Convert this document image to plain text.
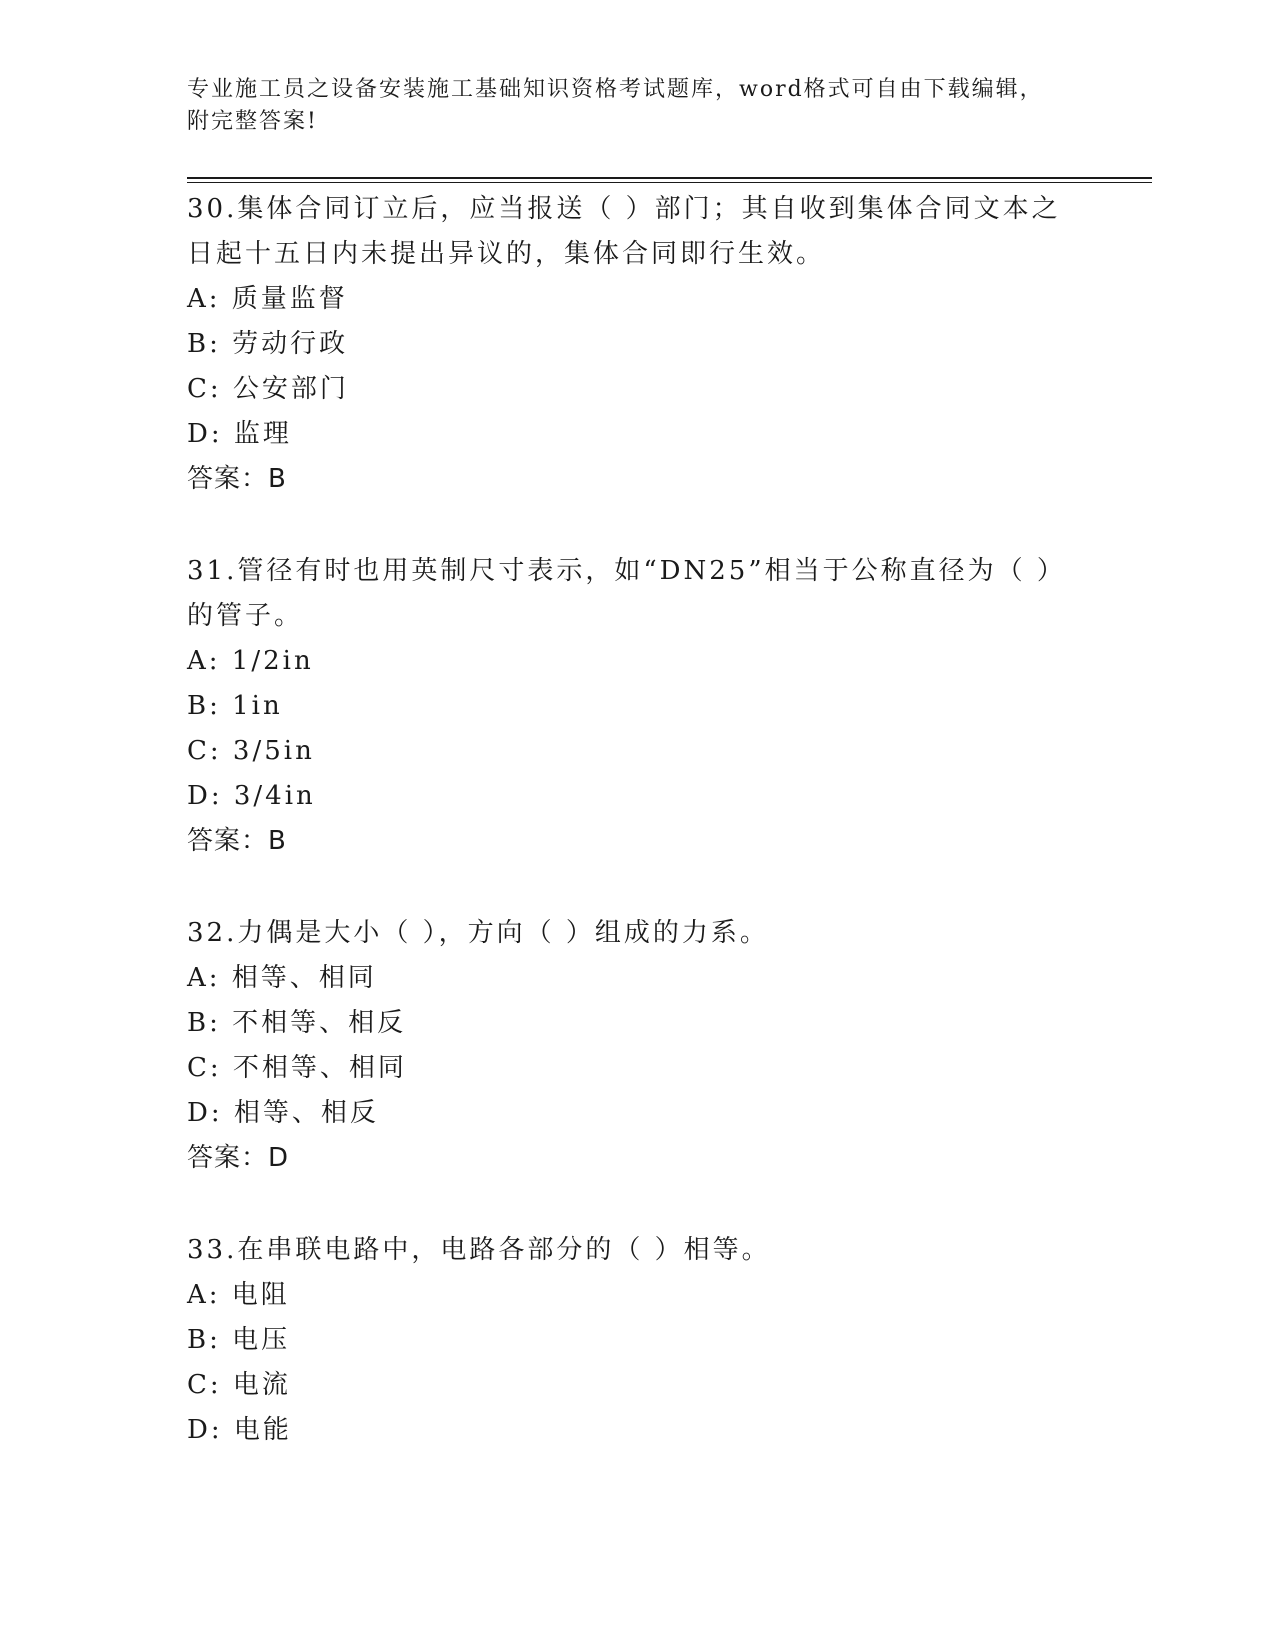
专业施工员之设备安装施工基础知识资格考试题库，word格式可自由下载编辑，附完整答案!
30.集体合同订立后，应当报送（ ）部门；其自收到集体合同文本之日起十五日内未提出异议的，集体合同即行生效。
A: 质量监督
B: 劳动行政
C: 公安部门
D: 监理
答案：B
31.管径有时也用英制尺寸表示，如“DN25”相当于公称直径为（ ）的管子。
A: 1/2in
B: 1in
C: 3/5in
D: 3/4in
答案：B
32.力偶是大小（ ），方向（ ）组成的力系。
A: 相等、相同
B: 不相等、相反
C: 不相等、相同
D: 相等、相反
答案：D
33.在串联电路中，电路各部分的（ ）相等。
A: 电阻
B: 电压
C: 电流
D: 电能
